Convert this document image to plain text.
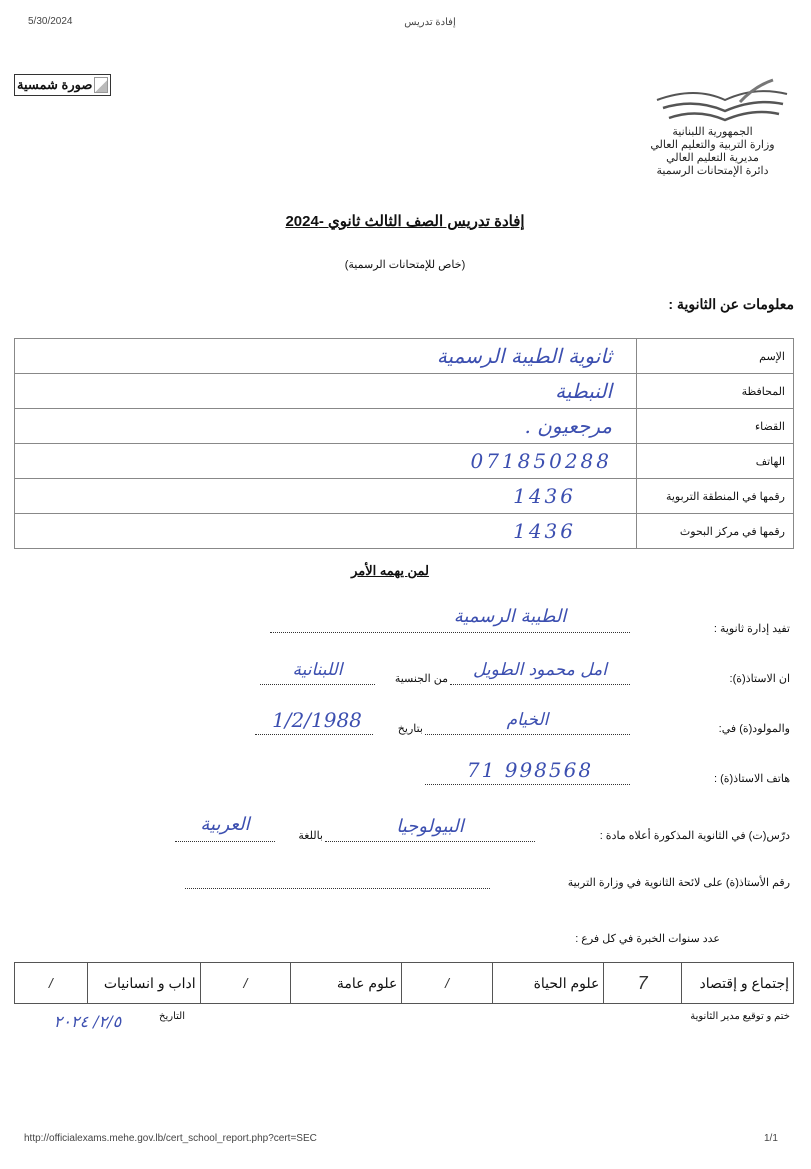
5/30/2024	إفادة تدريس
صورة شمسية
الجمهورية اللبنانية
وزارة التربية والتعليم العالي
مديرية التعليم العالي
دائرة الإمتحانات الرسمية
إفادة تدريس الصف الثالث ثانوي -2024
(خاص للإمتحانات الرسمية)
معلومات عن الثانوية :
ثانوية الطيبة الرسمية	الإسم
النبطية	المحافظة
مرجعيون .	القضاء
071850288	الهاتف
1436	رقمها في المنطقة التربوية
1436	رقمها في مركز البحوث
لمن يهمه الأمر
تفيد إدارة ثانوية :
الطيبة الرسمية
ان الاستاذ(ة):
امل محمود الطويل
من الجنسية
اللبنانية
والمولود(ة) في:
الخيام
بتاريخ
1/2/1988
هاتف الاستاذ(ة) :
71 998568
درّس(ت) في الثانوية المذكورة أعلاه مادة :
البيولوجيا
باللغة
العربية
رقم الأستاذ(ة) على لائحة الثانوية في وزارة التربية
عدد سنوات الخبرة في كل فرع :
/	اداب و انسانيات	/	علوم عامة	/	علوم الحياة	7	إجتماع و إقتصاد
ختم و توقيع مدير الثانوية
التاريخ
٢/٥/ ٢٠٢٤
http://officialexams.mehe.gov.lb/cert_school_report.php?cert=SEC	1/1
